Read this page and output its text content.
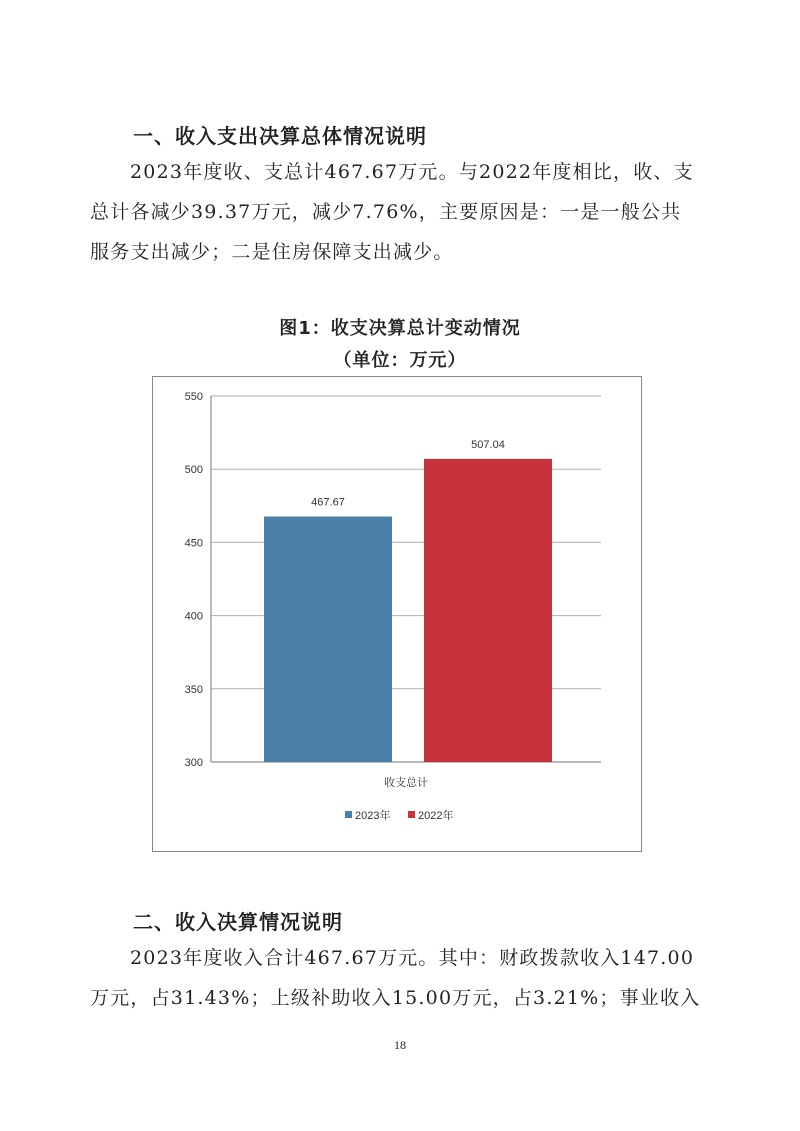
一、收入支出决算总体情况说明

2023年度收、支总计467.67万元。与2022年度相比，收、支

总计各减少39.37万元，减少7.76%，主要原因是：一是一般公共

服务支出减少；二是住房保障支出减少。

图1：收支决算总计变动情况
（单位：万元）
300
350
400
450
500
550
467.67
507.04
收支总计
2023年	2022年
二、收入决算情况说明

2023年度收入合计467.67万元。其中：财政拨款收入147.00

万元，占31.43%；上级补助收入15.00万元，占3.21%；事业收入

18
